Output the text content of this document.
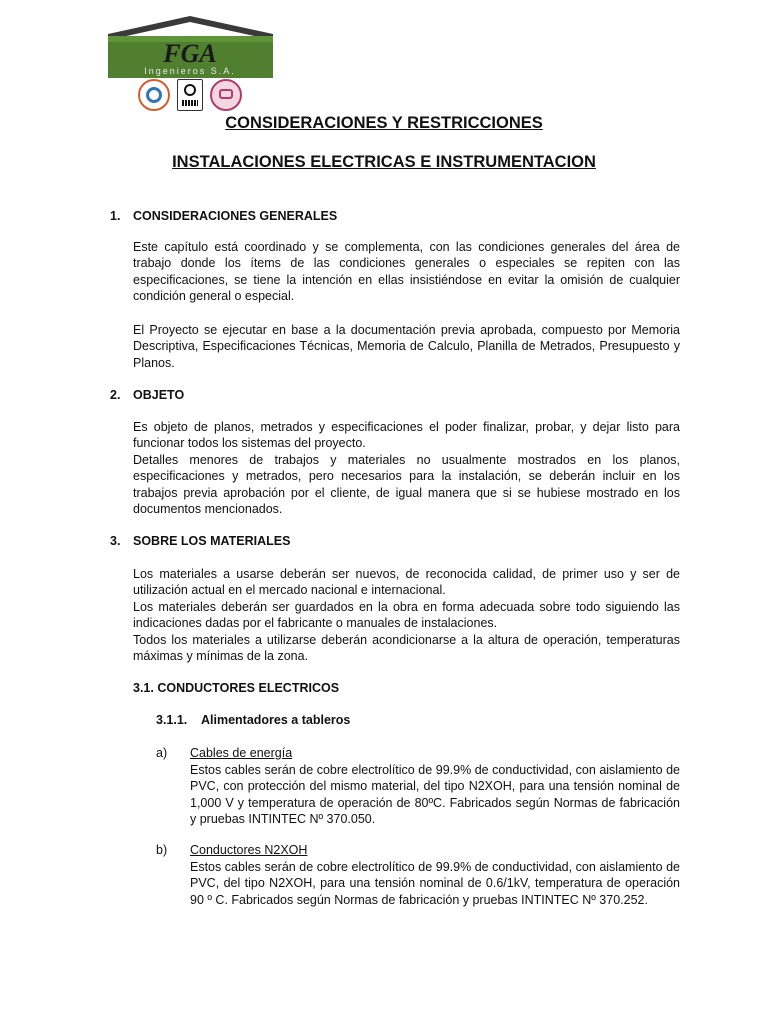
FGA
Ingenieros S.A.
CONSIDERACIONES Y RESTRICCIONES
INSTALACIONES ELECTRICAS E INSTRUMENTACION
1. CONSIDERACIONES GENERALES

Este capítulo está coordinado y se complementa, con las condiciones generales del área de trabajo donde los ítems de las condiciones generales o especiales se repiten con las especificaciones, se tiene la intención en ellas insistiéndose en evitar la omisión de cualquier condición general o especial.

El Proyecto se ejecutar en base a la documentación previa aprobada, compuesto por Memoria Descriptiva, Especificaciones Técnicas, Memoria de Calculo, Planilla de Metrados, Presupuesto y Planos.

2. OBJETO

Es objeto de planos, metrados y especificaciones el poder finalizar, probar, y dejar listo para funcionar todos los sistemas del proyecto.

Detalles menores de trabajos y materiales no usualmente mostrados en los planos, especificaciones y metrados, pero necesarios para la instalación, se deberán incluir en los trabajos previa aprobación por el cliente, de igual manera que si se hubiese mostrado en los documentos mencionados.

3. SOBRE LOS MATERIALES

Los materiales a usarse deberán ser nuevos, de reconocida calidad, de primer uso y ser de utilización actual en el mercado nacional e internacional.

Los materiales deberán ser guardados en la obra en forma adecuada sobre todo siguiendo las indicaciones dadas por el fabricante o manuales de instalaciones.

Todos los materiales a utilizarse deberán acondicionarse a la altura de operación, temperaturas máximas y mínimas de la zona.

3.1. CONDUCTORES ELECTRICOS
3.1.1. Alimentadores a tableros
a) Cables de energía

Estos cables serán de cobre electrolítico de 99.9% de conductividad, con aislamiento de PVC, con protección del mismo material, del tipo N2XOH, para una tensión nominal de 1,000 V y temperatura de operación de 80ºC. Fabricados según Normas de fabricación y pruebas INTINTEC Nº 370.050.

b) Conductores N2XOH

Estos cables serán de cobre electrolítico de 99.9% de conductividad, con aislamiento de PVC, del tipo N2XOH, para una tensión nominal de 0.6/1kV, temperatura de operación 90 º C. Fabricados según Normas de fabricación y pruebas INTINTEC Nº 370.252.
